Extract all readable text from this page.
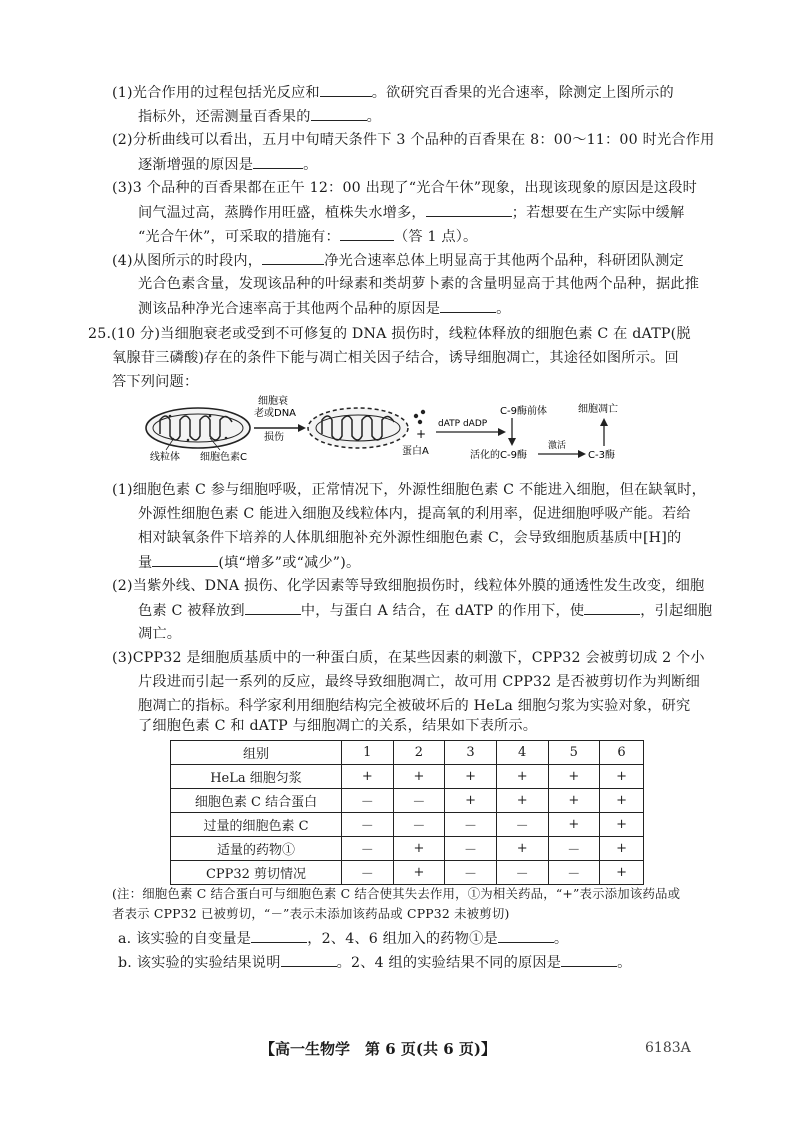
(1)光合作用的过程包括光反应和	。欲研究百香果的光合速率，除测定上图所示的
指标外，还需测量百香果的	。
(2)分析曲线可以看出，五月中旬晴天条件下 3 个品种的百香果在 8：00～11：00 时光合作用
逐渐增强的原因是	。
(3)3 个品种的百香果都在正午 12：00 出现了“光合午休”现象，出现该现象的原因是这段时
间气温过高，蒸腾作用旺盛，植株失水增多，	；若想要在生产实际中缓解
“光合午休”，可采取的措施有：	（答 1 点）。
(4)从图所示的时段内，	净光合速率总体上明显高于其他两个品种，科研团队测定
光合色素含量，发现该品种的叶绿素和类胡萝卜素的含量明显高于其他两个品种，据此推
测该品种净光合速率高于其他两个品种的原因是	。
25.(10 分)当细胞衰老或受到不可修复的 DNA 损伤时，线粒体释放的细胞色素 C 在 dATP(脱
氧腺苷三磷酸)存在的条件下能与凋亡相关因子结合，诱导细胞凋亡，其途径如图所示。回
答下列问题：
细胞衰
老或DNA
损伤	+
蛋白A
dATP dADP
C-9酶前体
活化的C-9酶
激活
C-3酶
细胞凋亡
线粒体 细胞色素C
(1)细胞色素 C 参与细胞呼吸，正常情况下，外源性细胞色素 C 不能进入细胞，但在缺氧时，
外源性细胞色素 C 能进入细胞及线粒体内，提高氧的利用率，促进细胞呼吸产能。若给
相对缺氧条件下培养的人体肌细胞补充外源性细胞色素 C，会导致细胞质基质中[H]的
量	(填“增多”或“减少”)。
(2)当紫外线、DNA 损伤、化学因素等导致细胞损伤时，线粒体外膜的通透性发生改变，细胞
色素 C 被释放到	中，与蛋白 A 结合，在 dATP 的作用下，使	，引起细胞
凋亡。
(3)CPP32 是细胞质基质中的一种蛋白质，在某些因素的刺激下，CPP32 会被剪切成 2 个小
片段进而引起一系列的反应，最终导致细胞凋亡，故可用 CPP32 是否被剪切作为判断细
胞凋亡的指标。科学家利用细胞结构完全被破坏后的 HeLa 细胞匀浆为实验对象，研究
组别	1	2	3	4	5	6
HeLa 细胞匀浆	+	+	+	+	+	+
细胞色素 C 结合蛋白	－	－	+	+	+	+
过量的细胞色素 C	－	－	－	－	+	+
适量的药物①	－	+	－	+	－	+
CPP32 剪切情况	－	+	－	－	－	+
(注：细胞色素 C 结合蛋白可与细胞色素 C 结合使其失去作用，①为相关药品，“+”表示添加该药品或
者表示 CPP32 已被剪切，“－”表示未添加该药品或 CPP32 未被剪切)
a. 该实验的自变量是	，2、4、6 组加入的药物①是	。
b. 该实验的实验结果说明	。2、4 组的实验结果不同的原因是	。
【高一生物学　第 6 页(共 6 页)】	6183A
了细胞色素 C 和 dATP 与细胞凋亡的关系，结果如下表所示。
